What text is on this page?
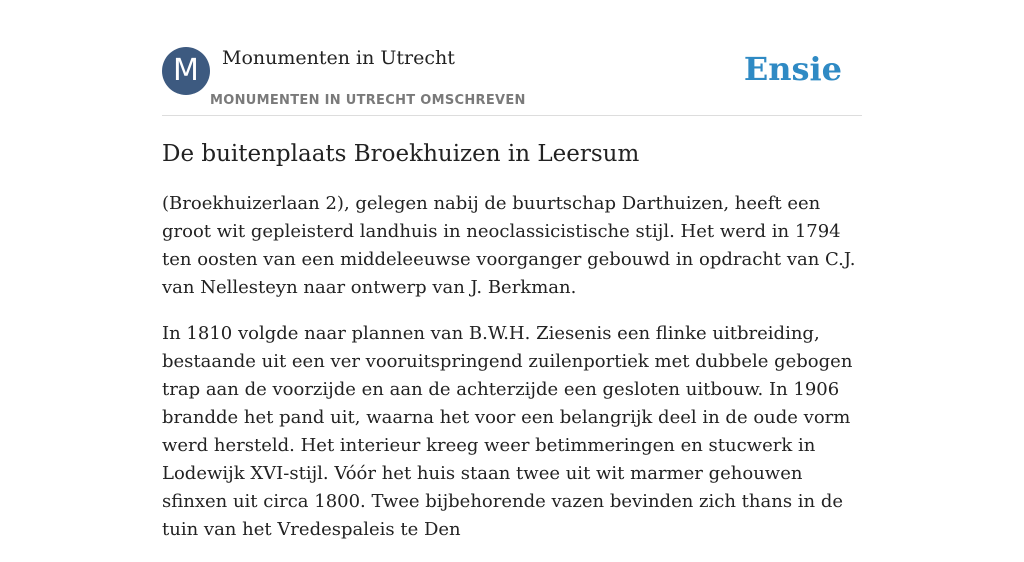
M	Monumenten in Utrecht
MONUMENTEN IN UTRECHT OMSCHREVEN
Ensie
De buitenplaats Broekhuizen in Leersum

(Broekhuizerlaan 2), gelegen nabij de buurtschap Darthuizen, heeft een groot wit gepleisterd landhuis in neoclassicistische stijl. Het werd in 1794 ten oosten van een middeleeuwse voorganger gebouwd in opdracht van C.J. van Nellesteyn naar ontwerp van J. Berkman.

In 1810 volgde naar plannen van B.W.H. Ziesenis een flinke uitbreiding, bestaande uit een ver vooruitspringend zuilenportiek met dubbele gebogen trap aan de voorzijde en aan de achterzijde een gesloten uitbouw. In 1906 brandde het pand uit, waarna het voor een belangrijk deel in de oude vorm werd hersteld. Het interieur kreeg weer betimmeringen en stucwerk in Lodewijk XVI-stijl. Vóór het huis staan twee uit wit marmer gehouwen sfinxen uit circa 1800. Twee bijbehorende vazen bevinden zich thans in de tuin van het Vredespaleis te Den
